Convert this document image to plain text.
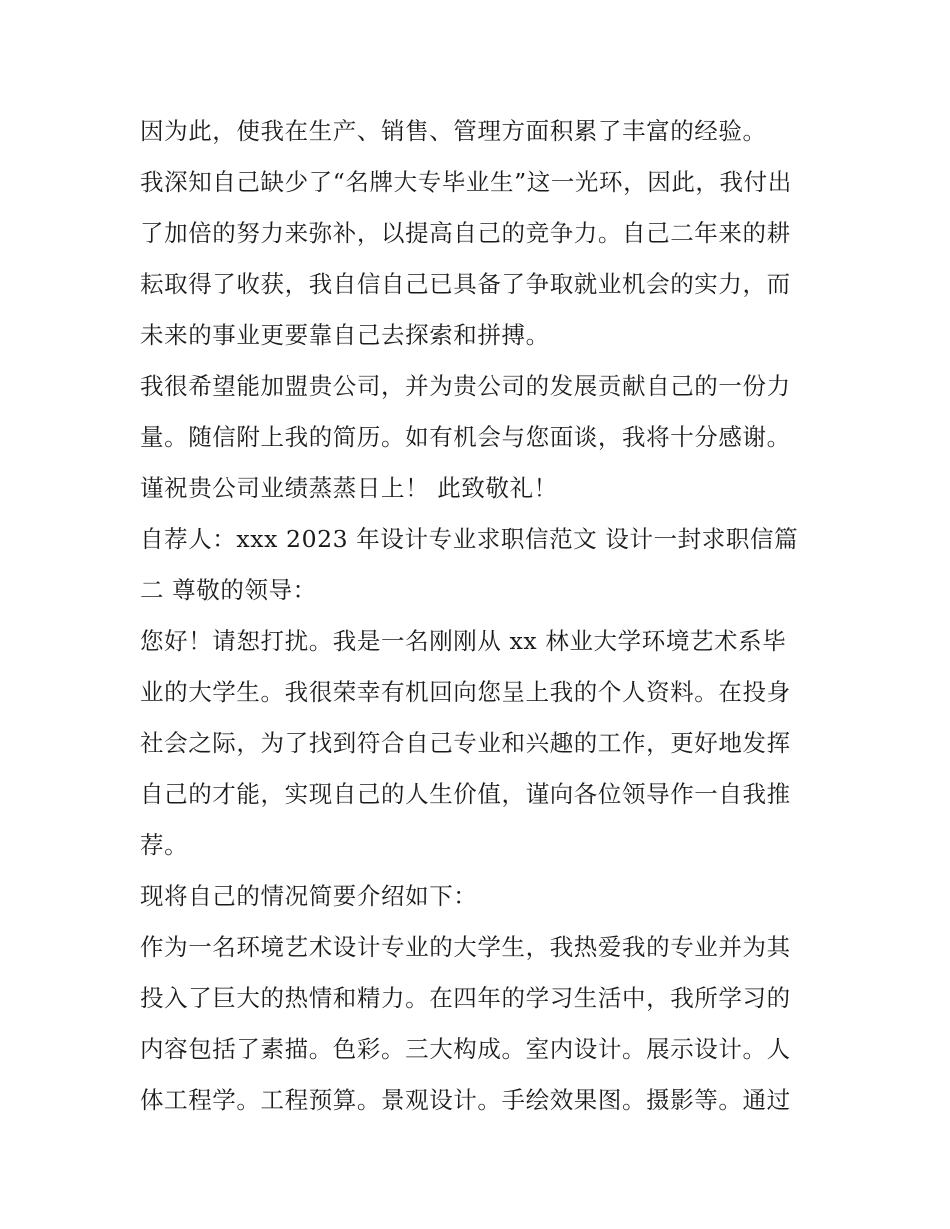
因为此，使我在生产、销售、管理方面积累了丰富的经验。
我深知自己缺少了“名牌大专毕业生”这一光环，因此，我付出
了加倍的努力来弥补，以提高自己的竞争力。自己二年来的耕
耘取得了收获，我自信自己已具备了争取就业机会的实力，而
未来的事业更要靠自己去探索和拼搏。
我很希望能加盟贵公司，并为贵公司的发展贡献自己的一份力
量。随信附上我的简历。如有机会与您面谈，我将十分感谢。
谨祝贵公司业绩蒸蒸日上！ 此致敬礼！
自荐人：xxx 2023 年设计专业求职信范文 设计一封求职信篇
二 尊敬的领导：
您好！请恕打扰。我是一名刚刚从 xx 林业大学环境艺术系毕
业的大学生。我很荣幸有机回向您呈上我的个人资料。在投身
社会之际，为了找到符合自己专业和兴趣的工作，更好地发挥
自己的才能，实现自己的人生价值，谨向各位领导作一自我推
荐。
现将自己的情况简要介绍如下：
作为一名环境艺术设计专业的大学生，我热爱我的专业并为其
投入了巨大的热情和精力。在四年的学习生活中，我所学习的
内容包括了素描。色彩。三大构成。室内设计。展示设计。人
体工程学。工程预算。景观设计。手绘效果图。摄影等。通过
